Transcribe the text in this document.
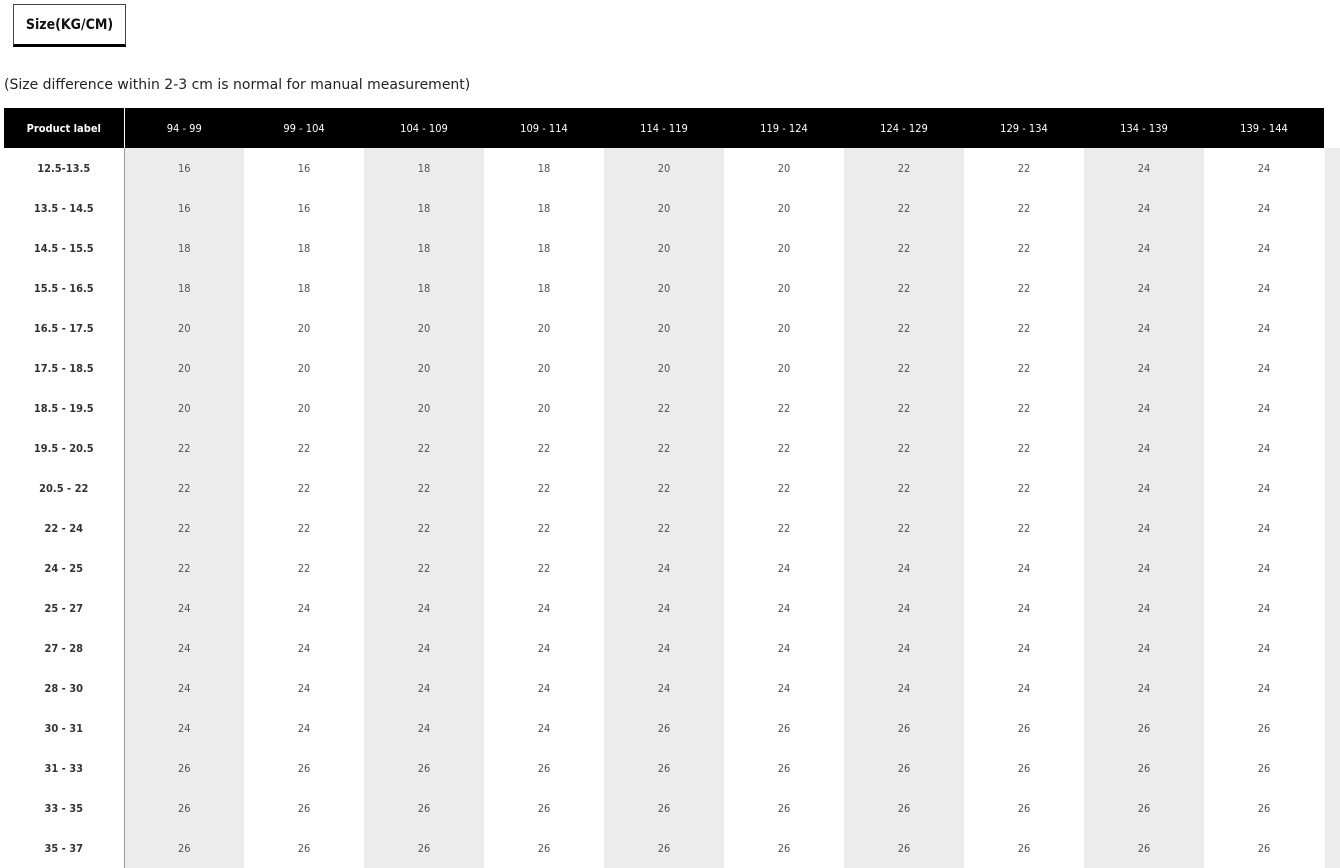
Size(KG/CM)
(Size difference within 2-3 cm is normal for manual measurement)
Product label	94 - 99	99 - 104	104 - 109	109 - 114	114 - 119	119 - 124	124 - 129	129 - 134	134 - 139	139 - 144
12.5-13.5	16	16	18	18	20	20	22	22	24	24
13.5 - 14.5	16	16	18	18	20	20	22	22	24	24
14.5 - 15.5	18	18	18	18	20	20	22	22	24	24
15.5 - 16.5	18	18	18	18	20	20	22	22	24	24
16.5 - 17.5	20	20	20	20	20	20	22	22	24	24
17.5 - 18.5	20	20	20	20	20	20	22	22	24	24
18.5 - 19.5	20	20	20	20	22	22	22	22	24	24
19.5 - 20.5	22	22	22	22	22	22	22	22	24	24
20.5 - 22	22	22	22	22	22	22	22	22	24	24
22 - 24	22	22	22	22	22	22	22	22	24	24
24 - 25	22	22	22	22	24	24	24	24	24	24
25 - 27	24	24	24	24	24	24	24	24	24	24
27 - 28	24	24	24	24	24	24	24	24	24	24
28 - 30	24	24	24	24	24	24	24	24	24	24
30 - 31	24	24	24	24	26	26	26	26	26	26
31 - 33	26	26	26	26	26	26	26	26	26	26
33 - 35	26	26	26	26	26	26	26	26	26	26
35 - 37	26	26	26	26	26	26	26	26	26	26
